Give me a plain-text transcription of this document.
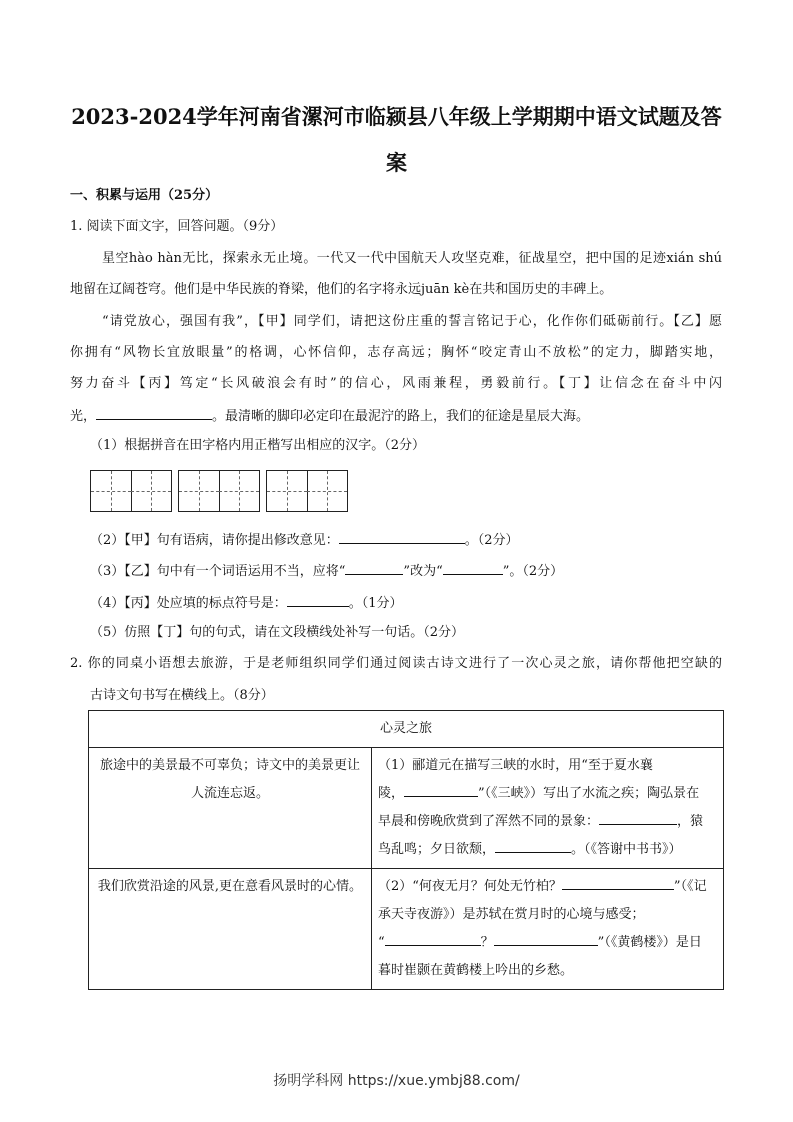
2023-2024学年河南省漯河市临颍县八年级上学期期中语文试题及答
案
一、积累与运用（25分）
1. 阅读下面文字，回答问题。（9分）
星空hào hàn无比，探索永无止境。一代又一代中国航天人攻坚克难，征战星空，把中国的足迹xián shú
地留在辽阔苍穹。他们是中华民族的脊梁，他们的名字将永远juān kè在共和国历史的丰碑上。
“请党放心，强国有我”，【甲】同学们，请把这份庄重的誓言铭记于心，化作你们砥砺前行。【乙】愿
你拥有“风物长宜放眼量”的格调，心怀信仰，志存高远；胸怀“咬定青山不放松”的定力，脚踏实地，
努力奋斗【丙】笃定“长风破浪会有时”的信心，风雨兼程，勇毅前行。【丁】让信念在奋斗中闪
光，	。最清晰的脚印必定印在最泥泞的路上，我们的征途是星辰大海。
（1）根据拼音在田字格内用正楷写出相应的汉字。（2分）
（2）【甲】句有语病，请你提出修改意见：	。（2分）
（3）【乙】句中有一个词语运用不当，应将“	”改为“	”。（2分）
（4）【丙】处应填的标点符号是：	。（1分）
（5）仿照【丁】句的句式，请在文段横线处补写一句话。（2分）
2. 你的同桌小语想去旅游，于是老师组织同学们通过阅读古诗文进行了一次心灵之旅，请你帮他把空缺的
古诗文句书写在横线上。（8分）
心灵之旅	
旅途中的美景最不可辜负；诗文中的美景更让人流连忘返。	（1）郦道元在描写三峡的水时，用“至于夏水襄
陵， ”（《三峡》）写出了水流之疾；陶弘景在
早晨和傍晚欣赏到了浑然不同的景象： ，猿
鸟乱鸣；夕日欲颓， 。（《答谢中书书》）

我们欣赏沿途的风景,更在意看风景时的心情。	（2）“何夜无月？何处无竹柏？ ”（《记
承天寺夜游》）是苏轼在赏月时的心境与感受；
“ ？ ”（《黄鹤楼》）是日
暮时崔颢在黄鹤楼上吟出的乡愁。
扬明学科网 https://xue.ymbj88.com/
